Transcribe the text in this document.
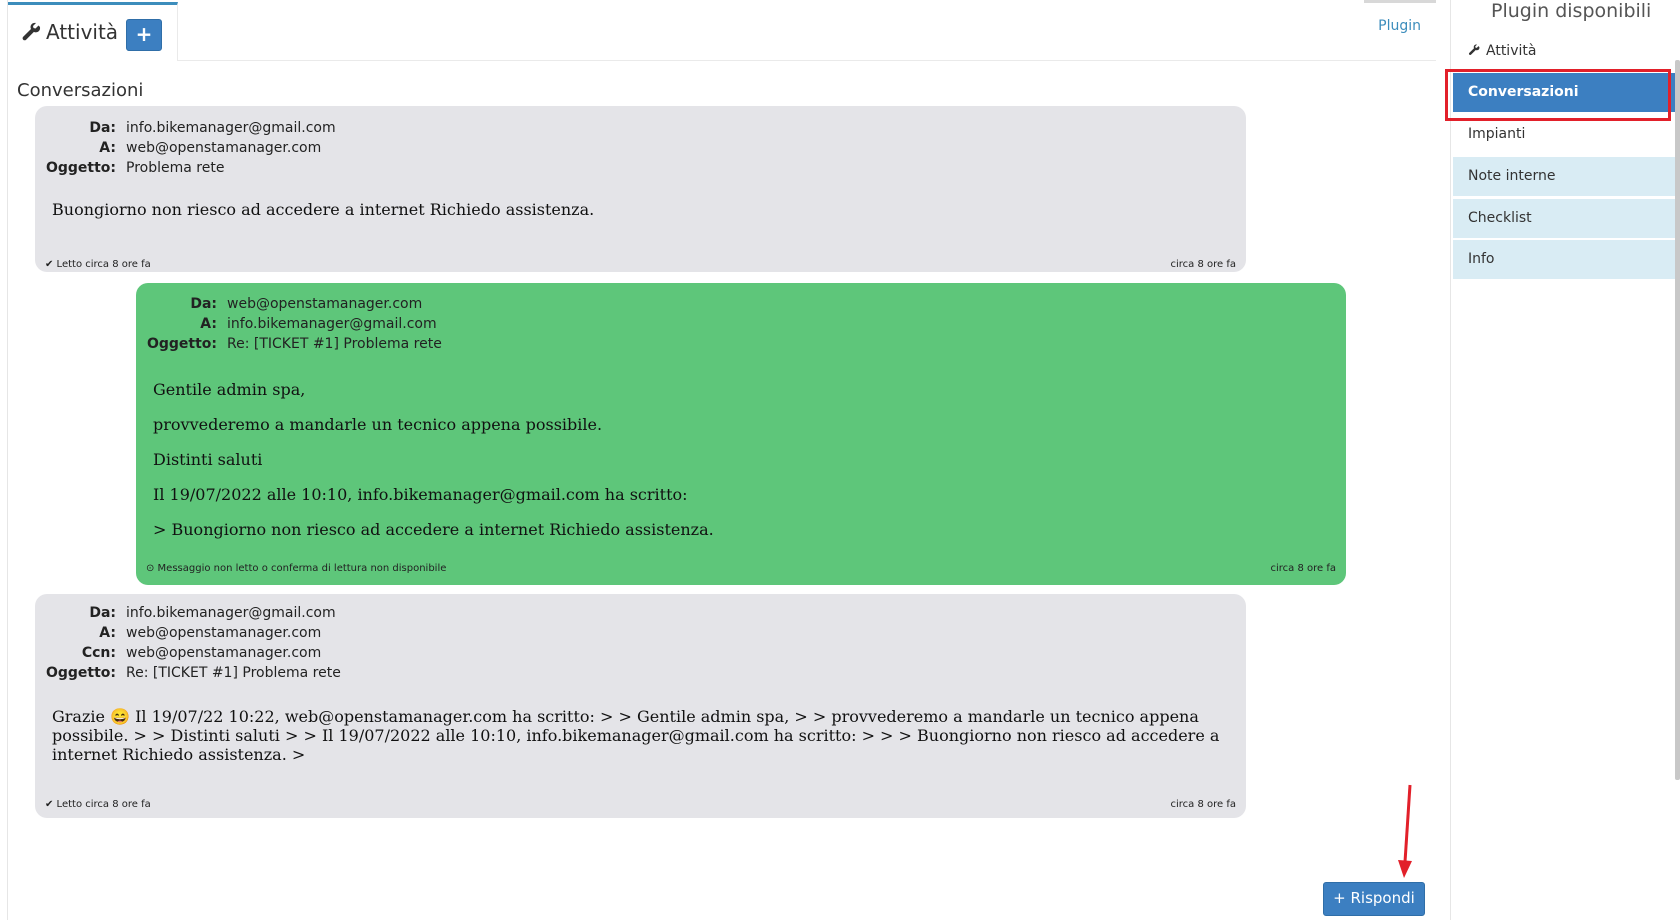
Attività +	Plugin
Conversazioni
Da: info.bikemanager@gmail.com
A: web@openstamanager.com
Oggetto: Problema rete

Buongiorno non riesco ad accedere a internet Richiedo assistenza.

✔ Letto circa 8 ore fa	circa 8 ore fa
Da: web@openstamanager.com
A: info.bikemanager@gmail.com
Oggetto: Re: [TICKET #1] Problema rete

Gentile admin spa,

provvederemo a mandarle un tecnico appena possibile.

Distinti saluti

Il 19/07/2022 alle 10:10, info.bikemanager@gmail.com ha scritto:

> Buongiorno non riesco ad accedere a internet Richiedo assistenza.

⊙ Messaggio non letto o conferma di lettura non disponibile	circa 8 ore fa
Da: info.bikemanager@gmail.com
A: web@openstamanager.com
Ccn: web@openstamanager.com
Oggetto: Re: [TICKET #1] Problema rete

Grazie 😄 Il 19/07/22 10:22, web@openstamanager.com ha scritto: > > Gentile admin spa, > > provvederemo a mandarle un tecnico appena possibile. > > Distinti saluti > > Il 19/07/2022 alle 10:10, info.bikemanager@gmail.com ha scritto: > > > Buongiorno non riesco ad accedere a internet Richiedo assistenza. >

✔ Letto circa 8 ore fa	circa 8 ore fa
+ Rispondi
Plugin disponibili
Attività
Conversazioni
Impianti
Note interne
Checklist
Info
